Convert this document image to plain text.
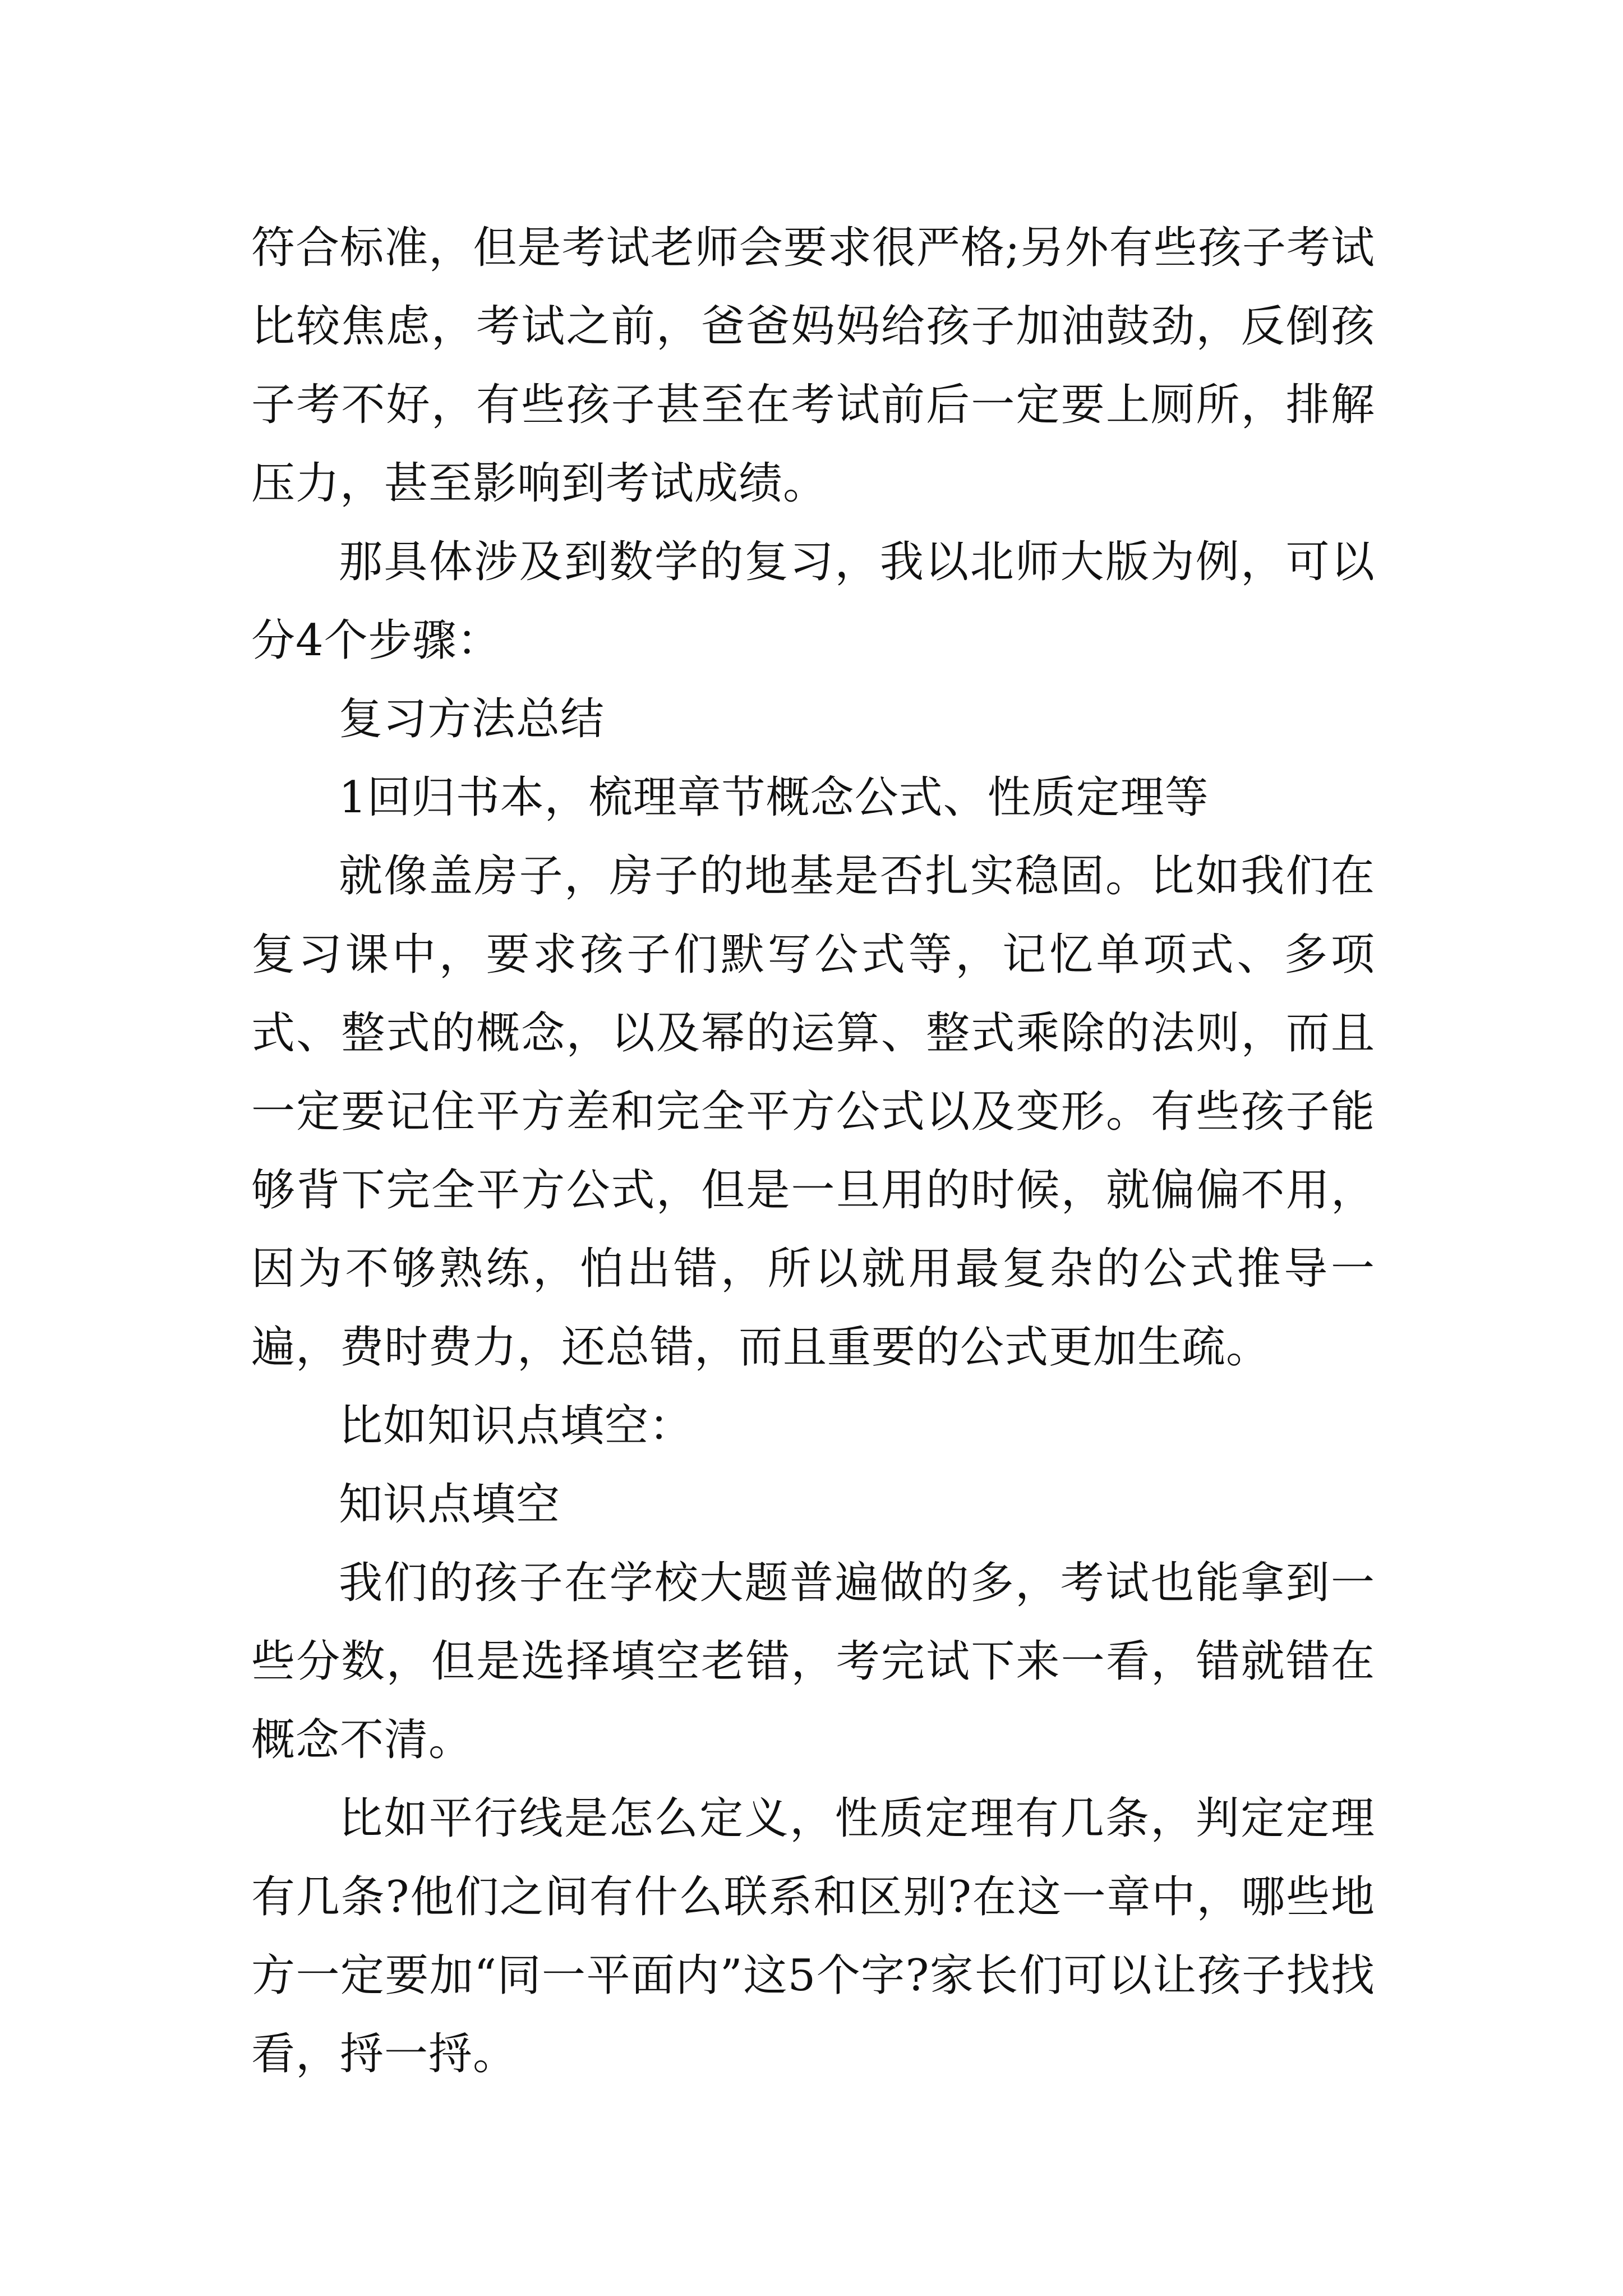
符合标准，但是考试老师会要求很严格;另外有些孩子考试比较焦虑，考试之前，爸爸妈妈给孩子加油鼓劲，反倒孩子考不好，有些孩子甚至在考试前后一定要上厕所，排解压力，甚至影响到考试成绩。

那具体涉及到数学的复习，我以北师大版为例，可以分4个步骤：

复习方法总结

1回归书本，梳理章节概念公式、性质定理等

就像盖房子，房子的地基是否扎实稳固。比如我们在复习课中，要求孩子们默写公式等，记忆单项式、多项式、整式的概念，以及幂的运算、整式乘除的法则，而且一定要记住平方差和完全平方公式以及变形。有些孩子能够背下完全平方公式，但是一旦用的时候，就偏偏不用，因为不够熟练，怕出错，所以就用最复杂的公式推导一遍，费时费力，还总错，而且重要的公式更加生疏。

比如知识点填空：

知识点填空

我们的孩子在学校大题普遍做的多，考试也能拿到一些分数，但是选择填空老错，考完试下来一看，错就错在概念不清。

比如平行线是怎么定义，性质定理有几条，判定定理有几条?他们之间有什么联系和区别?在这一章中，哪些地方一定要加“同一平面内”这5个字?家长们可以让孩子找找看，捋一捋。
